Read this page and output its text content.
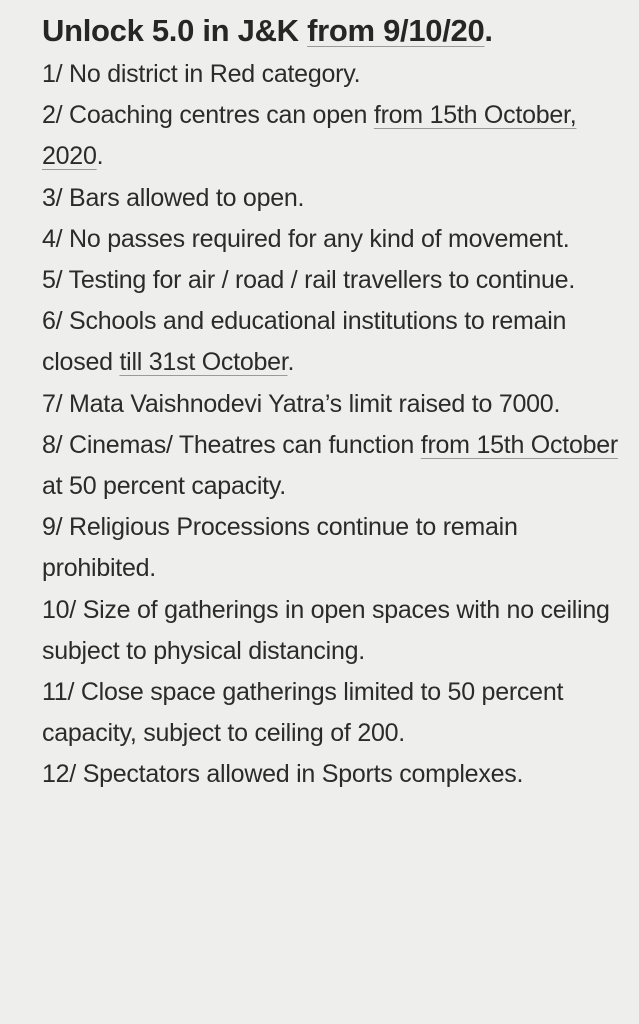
Unlock 5.0 in J&K from 9/10/20.
1/ No district in Red category.
2/ Coaching centres can open from 15th October, 2020.
3/ Bars allowed to open.
4/ No passes required for any kind of movement.
5/ Testing for air / road / rail travellers to continue.
6/ Schools and educational institutions to remain closed till 31st October.
7/ Mata Vaishnodevi Yatra’s limit raised to 7000.
8/ Cinemas/ Theatres can function from 15th October at 50 percent capacity.
9/ Religious Processions continue to remain prohibited.
10/ Size of gatherings in open spaces with no ceiling subject to physical distancing.
11/ Close space gatherings limited to 50 percent capacity, subject to ceiling of 200.
12/ Spectators allowed in Sports complexes.
